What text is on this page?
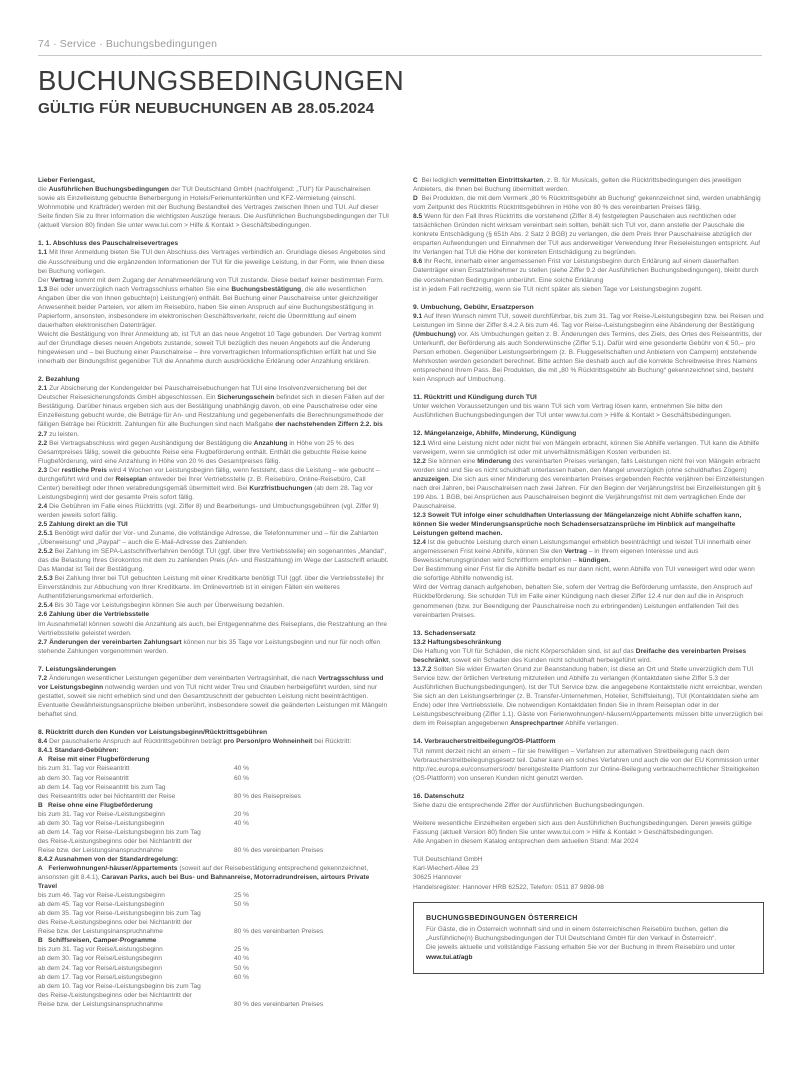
74 · Service · Buchungsbedingungen
BUCHUNGSBEDINGUNGEN
GÜLTIG FÜR NEUBUCHUNGEN AB 28.05.2024
Lieber Feriengast,
die Ausführlichen Buchungsbedingungen der TUI Deutschland GmbH (nachfolgend: „TUI“) für Pauschalreisen sowie als Einzelleistung gebuchte Beherbergung in Hotels/Ferienunterkünften und KFZ-Vermietung (einschl. Wohnmobile und Krafträder) werden mit der Buchung Bestandteil des Vertrages zwischen Ihnen und TUI. Auf dieser Seite finden Sie zu Ihrer Information die wichtigsten Auszüge hieraus. Die Ausführlichen Buchungsbedingungen der TUI (aktuell Version 80) finden Sie unter www.tui.com > Hilfe & Kontakt > Geschäftsbedingungen.
1. 1. Abschluss des Pauschalreisevertrages
1.1 Mit Ihrer Anmeldung bieten Sie TUI den Abschluss des Vertrages verbindlich an. Grundlage dieses Angebotes sind die Ausschreibung und die ergänzenden Informationen der TUI für die jeweilige Leistung, in der Form, wie Ihnen diese bei Buchung vorliegen.
Der Vertrag kommt mit dem Zugang der Annahmeerklärung von TUI zustande. Diese bedarf keiner bestimmten Form.
1.3 Bei oder unverzüglich nach Vertragsschluss erhalten Sie eine Buchungsbestätigung, die alle wesentlichen Angaben über die von Ihnen gebuchte(n) Leistung(en) enthält. Bei Buchung einer Pauschalreise unter gleichzeitiger Anwesenheit beider Parteien, vor allem im Reisebüro, haben Sie einen Anspruch auf eine Buchungsbestätigung in Papierform, ansonsten, insbesondere im elektronischen Geschäftsverkehr, reicht die Übermittlung auf einem dauerhaften elektronischen Datenträger.
Weicht die Bestätigung von Ihrer Anmeldung ab, ist TUI an das neue Angebot 10 Tage gebunden. Der Vertrag kommt auf der Grundlage dieses neuen Angebots zustande, soweit TUI bezüglich des neuen Angebots auf die Änderung hingewiesen und – bei Buchung einer Pauschalreise – ihre vorvertraglichen Informationspflichten erfüllt hat und Sie innerhalb der Bindungsfrist gegenüber TUI die Annahme durch ausdrückliche Erklärung oder Anzahlung erklären.
2. Bezahlung
2.1 Zur Absicherung der Kundengelder bei Pauschalreisebuchungen hat TUI eine Insolvenzversicherung bei der Deutscher Reisesicherungsfonds GmbH abgeschlossen. Ein Sicherungsschein befindet sich in diesen Fällen auf der Bestätigung. Darüber hinaus ergeben sich aus der Bestätigung unabhängig davon, ob eine Pauschalreise oder eine Einzelleistung gebucht wurde, die Beträge für An- und Restzahlung und gegebenenfalls die Berechnungsmethode der fälligen Beträge bei Rücktritt. Zahlungen für alle Buchungen sind nach Maßgabe der nachstehenden Ziffern 2.2. bis 2.7 zu leisten.
2.2 Bei Vertragsabschluss wird gegen Aushändigung der Bestätigung die Anzahlung in Höhe von 25 % des Gesamtpreises fällig, soweit die gebuchte Reise eine Flugbeförderung enthält. Enthält die gebuchte Reise keine Flugbeförderung, wird eine Anzahlung in Höhe von 20 % des Gesamtpreises fällig.
2.3 Der restliche Preis wird 4 Wochen vor Leistungsbeginn fällig, wenn feststeht, dass die Leistung – wie gebucht – durchgeführt wird und der Reiseplan entweder bei Ihrer Vertriebsstelle (z. B. Reisebüro, Online-Reisebüro, Call Center) bereitliegt oder Ihnen verabredungsgemäß übermittelt wird. Bei Kurzfristbuchungen (ab dem 28. Tag vor Leistungsbeginn) wird der gesamte Preis sofort fällig.
2.4 Die Gebühren im Falle eines Rücktritts (vgl. Ziffer 8) und Bearbeitungs- und Umbuchungsgebühren (vgl. Ziffer 9) werden jeweils sofort fällig.
2.5 Zahlung direkt an die TUI
2.5.1 Benötigt wird dafür der Vor- und Zuname, die vollständige Adresse, die Telefonnummer und – für die Zahlarten „Überweisung“ und „Paypal“ – auch die E-Mail-Adresse des Zahlenden.
2.5.2 Bei Zahlung im SEPA-Lastschriftverfahren benötigt TUI (ggf. über Ihre Vertriebsstelle) ein sogenanntes „Mandat“, das die Belastung Ihres Girokontos mit dem zu zahlenden Preis (An- und Restzahlung) im Wege der Lastschrift erlaubt. Das Mandat ist Teil der Bestätigung.
2.5.3 Bei Zahlung Ihrer bei TUI gebuchten Leistung mit einer Kreditkarte benötigt TUI (ggf. über die Vertriebsstelle) Ihr Einverständnis zur Abbuchung von Ihrer Kreditkarte. Im Onlinevertrieb ist in einigen Fällen ein weiteres Authentifizierungsmerkmal erforderlich.
2.5.4 Bis 30 Tage vor Leistungsbeginn können Sie auch per Überweisung bezahlen.
2.6 Zahlung über die Vertriebsstelle
Im Ausnahmefall können sowohl die Anzahlung als auch, bei Entgegennahme des Reiseplans, die Restzahlung an Ihre Vertriebsstelle geleistet werden.
2.7 Änderungen der vereinbarten Zahlungsart können nur bis 35 Tage vor Leistungsbeginn und nur für noch offen stehende Zahlungen vorgenommen werden.
7. Leistungsänderungen
7.2 Änderungen wesentlicher Leistungen gegenüber dem vereinbarten Vertragsinhalt, die nach Vertragsschluss und vor Leistungsbeginn notwendig werden und von TUI nicht wider Treu und Glauben herbeigeführt wurden, sind nur gestattet, soweit sie nicht erheblich sind und den Gesamtzuschnitt der gebuchten Leistung nicht beeinträchtigen. Eventuelle Gewährleistungsansprüche bleiben unberührt, insbesondere soweit die geänderten Leistungen mit Mängeln behaftet sind.
8. Rücktritt durch den Kunden vor Leistungsbeginn/Rücktrittsgebühren
8.4 Der pauschalierte Anspruch auf Rücktrittsgebühren beträgt pro Person/pro Wohneinheit bei Rücktritt:
8.4.1 Standard-Gebühren:
A Reise mit einer Flugbeförderung
bis zum 31. Tag vor Reiseantritt	40 %
ab dem 30. Tag vor Reiseantritt	60 %
ab dem 14. Tag vor Reiseantritt bis zum Tag
des Reiseantritts oder bei Nichtantritt der Reise	80 % des Reisepreises
B Reise ohne eine Flugbeförderung
bis zum 31. Tag vor Reise-/Leistungsbeginn	20 %
ab dem 30. Tag vor Reise-/Leistungsbeginn	40 %
ab dem 14. Tag vor Reise-/Leistungsbeginn bis zum Tag
des Reise-/Leistungsbeginns oder bei Nichtantritt der
Reise bzw. der Leistungsinanspruchnahme	80 % des vereinbarten Preises
8.4.2 Ausnahmen von der Standardregelung:
A   Ferienwohnungen/-häuser/Appartements (soweit auf der Reisebestätigung entsprechend gekennzeichnet, ansonsten gilt 8.4.1), Caravan Parks, auch bei Bus- und Bahnanreise, Motorradrundreisen, airtours Private Travel
bis zum 46. Tag vor Reise-/Leistungsbeginn	25 %
ab dem 45. Tag vor Reise-/Leistungsbeginn	50 %
ab dem 35. Tag vor Reise-/Leistungsbeginn bis zum Tag
des Reise-/Leistungsbeginns oder bei Nichtantritt der
Reise bzw. der Leistungsinanspruchnahme	80 % des vereinbarten Preises
B Schiffsreisen, Camper-Programme
bis zum 31. Tag vor Reise/Leistungsbeginn	25 %
ab dem 30. Tag vor Reise/Leistungsbeginn	40 %
ab dem 24. Tag vor Reise/Leistungsbeginn	50 %
ab dem 17. Tag vor Reise/Leistungsbeginn	60 %
ab dem 10. Tag vor Reise-/Leistungsbeginn bis zum Tag
des Reise-/Leistungsbeginns oder bei Nichtantritt der
Reise bzw. der Leistungsinanspruchnahme	80 % des vereinbarten Preises
C  Bei lediglich vermittelten Eintrittskarten, z. B. für Musicals, gelten die Rücktrittsbedingungen des jeweiligen Anbieters, die Ihnen bei Buchung übermittelt werden.
D  Bei Produkten, die mit dem Vermerk „80 % Rücktrittsgebühr ab Buchung“ gekennzeichnet sind, werden unabhängig vom Zeitpunkt des Rücktritts Rücktrittsgebühren in Höhe von 80 % des vereinbarten Preises fällig.
8.5 Wenn für den Fall Ihres Rücktritts die vorstehend (Ziffer 8.4) festgelegten Pauschalen aus rechtlichen oder tatsächlichen Gründen nicht wirksam vereinbart sein sollten, behält sich TUI vor, dann anstelle der Pauschale die konkrete Entschädigung (§ 651h Abs. 2 Satz 2 BGB) zu verlangen, die dem Preis Ihrer Pauschalreise abzüglich der ersparten Aufwendungen und Einnahmen der TUI aus anderweitiger Verwendung Ihrer Reiseleistungen entspricht. Auf Ihr Verlangen hat TUI die Höhe der konkreten Entschädigung zu begründen.
8.6 Ihr Recht, innerhalb einer angemessenen Frist vor Leistungsbeginn durch Erklärung auf einem dauerhaften Datenträger einen Ersatzteilnehmer zu stellen (siehe Ziffer 9.2 der Ausführlichen Buchungsbedingungen), bleibt durch die vorstehenden Bedingungen unberührt. Eine solche Erklärung
ist in jedem Fall rechtzeitig, wenn sie TUI nicht später als sieben Tage vor Leistungsbeginn zugeht.
9. Umbuchung, Gebühr, Ersatzperson
9.1 Auf Ihren Wunsch nimmt TUI, soweit durchführbar, bis zum 31. Tag vor Reise-/Leistungsbeginn bzw. bei Reisen und Leistungen im Sinne der Ziffer 8.4.2 A bis zum 46. Tag vor Reise-/Leistungsbeginn eine Abänderung der Bestätigung (Umbuchung) vor. Als Umbuchungen gelten z. B. Änderungen des Termins, des Ziels, des Ortes des Reiseantritts, der Unterkunft, der Beförderung als auch Sonderwünsche (Ziffer 5.1). Dafür wird eine gesonderte Gebühr von € 50,– pro Person erhoben. Gegenüber Leistungserbringern (z. B. Fluggesellschaften und Anbietern von Campern) entstehende Mehrkosten werden gesondert berechnet. Bitte achten Sie deshalb auch auf die korrekte Schreibweise Ihres Namens entsprechend Ihrem Pass. Bei Produkten, die mit „80 % Rücktrittsgebühr ab Buchung“ gekennzeichnet sind, besteht kein Anspruch auf Umbuchung.
11. Rücktritt und Kündigung durch TUI
Unter welchen Voraussetzungen und bis wann TUI sich vom Vertrag lösen kann, entnehmen Sie bitte den Ausführlichen Buchungsbedingungen der TUI unter www.tui.com > Hilfe & Kontakt > Geschäftsbedingungen.
12. Mängelanzeige, Abhilfe, Minderung, Kündigung
12.1 Wird eine Leistung nicht oder nicht frei von Mängeln erbracht, können Sie Abhilfe verlangen. TUI kann die Abhilfe verweigern, wenn sie unmöglich ist oder mit unverhältnismäßigen Kosten verbunden ist.
12.2 Sie können eine Minderung des vereinbarten Preises verlangen, falls Leistungen nicht frei von Mängeln erbracht worden sind und Sie es nicht schuldhaft unterlassen haben, den Mangel unverzüglich (ohne schuldhaftes Zögern) anzuzeigen. Die sich aus einer Minderung des vereinbarten Preises ergebenden Rechte verjähren bei Einzelleistungen nach drei Jahren, bei Pauschalreisen nach zwei Jahren. Für den Beginn der Verjährungsfrist bei Einzelleistungen gilt § 199 Abs. 1 BGB, bei Ansprüchen aus Pauschalreisen beginnt die Verjährungsfrist mit dem vertraglichen Ende der Pauschalreise.
12.3 Soweit TUI infolge einer schuldhaften Unterlassung der Mängelanzeige nicht Abhilfe schaffen kann, können Sie weder Minderungsansprüche noch Schadensersatzansprüche im Hinblick auf mangelhafte Leistungen geltend machen.
12.4 Ist die gebuchte Leistung durch einen Leistungsmangel erheblich beeinträchtigt und leistet TUI innerhalb einer angemessenen Frist keine Abhilfe, können Sie den Vertrag – in Ihrem eigenen Interesse und aus Beweissicherungsgründen wird Schriftform empfohlen – kündigen.
Der Bestimmung einer Frist für die Abhilfe bedarf es nur dann nicht, wenn Abhilfe von TUI verweigert wird oder wenn die sofortige Abhilfe notwendig ist.
Wird der Vertrag danach aufgehoben, behalten Sie, sofern der Vertrag die Beförderung umfasste, den Anspruch auf Rückbeförderung. Sie schulden TUI im Falle einer Kündigung nach dieser Ziffer 12.4 nur den auf die in Anspruch genommenen (bzw. zur Beendigung der Pauschalreise noch zu erbringenden) Leistungen entfallenden Teil des vereinbarten Preises.
13. Schadensersatz
13.2 Haftungsbeschränkung
Die Haftung von TUI für Schäden, die nicht Körperschäden sind, ist auf das Dreifache des vereinbarten Preises beschränkt, soweit ein Schaden des Kunden nicht schuldhaft herbeigeführt wird.
13.7.2 Sollten Sie wider Erwarten Grund zur Beanstandung haben, ist diese an Ort und Stelle unverzüglich dem TUI Service bzw. der örtlichen Vertretung mitzuteilen und Abhilfe zu verlangen (Kontaktdaten siehe Ziffer 5.3 der Ausführlichen Buchungsbedingungen). Ist der TUI Service bzw. die angegebene Kontaktstelle nicht erreichbar, wenden Sie sich an den Leistungserbringer (z. B. Transfer-Unternehmen, Hotelier, Schiffsleitung), TUI (Kontaktdaten siehe am Ende) oder Ihre Vertriebsstelle. Die notwendigen Kontaktdaten finden Sie in Ihrem Reiseplan oder in der Leistungsbeschreibung (Ziffer 1.1). Gäste von Ferienwohnungen/-häusern/Appartements müssen bitte unverzüglich bei dem im Reiseplan angegebenen Ansprechpartner Abhilfe verlangen.
14. Verbraucherstreitbeilegung/OS-Plattform
TUI nimmt derzeit nicht an einem – für sie freiwilligen – Verfahren zur alternativen Streitbeilegung nach dem Verbraucherstreitbeilegungsgesetz teil. Daher kann ein solches Verfahren und auch die von der EU Kommission unter http://ec.europa.eu/consumers/odr/ bereitgestellte Plattform zur Online-Beilegung verbraucherrechtlicher Streitigkeiten (OS-Plattform) von unseren Kunden nicht genutzt werden.
16. Datenschutz
Siehe dazu die entsprechende Ziffer der Ausführlichen Buchungsbedingungen.
Weitere wesentliche Einzelheiten ergeben sich aus den Ausführlichen Buchungsbedingungen. Deren jeweils gültige Fassung (aktuell Version 80) finden Sie unter www.tui.com > Hilfe & Kontakt > Geschäftsbedingungen.
Alle Angaben in diesem Katalog entsprechen dem aktuellen Stand: Mai 2024
TUI Deutschland GmbH
Karl-Wiechert-Allee 23
30625 Hannover
Handelsregister: Hannover HRB 62522, Telefon: 0511 87 9898-98
BUCHUNGSBEDINGUNGEN ÖSTERREICH
Für Gäste, die in Österreich wohnhaft sind und in einem österreichischen Reisebüro buchen, gelten die „Ausführliche(n) Buchungsbedingungen der TUI Deutschland GmbH für den Verkauf in Österreich“.
Die jeweils aktuelle und vollständige Fassung erhalten Sie vor der Buchung in Ihrem Reisebüro und unter www.tui.at/agb
